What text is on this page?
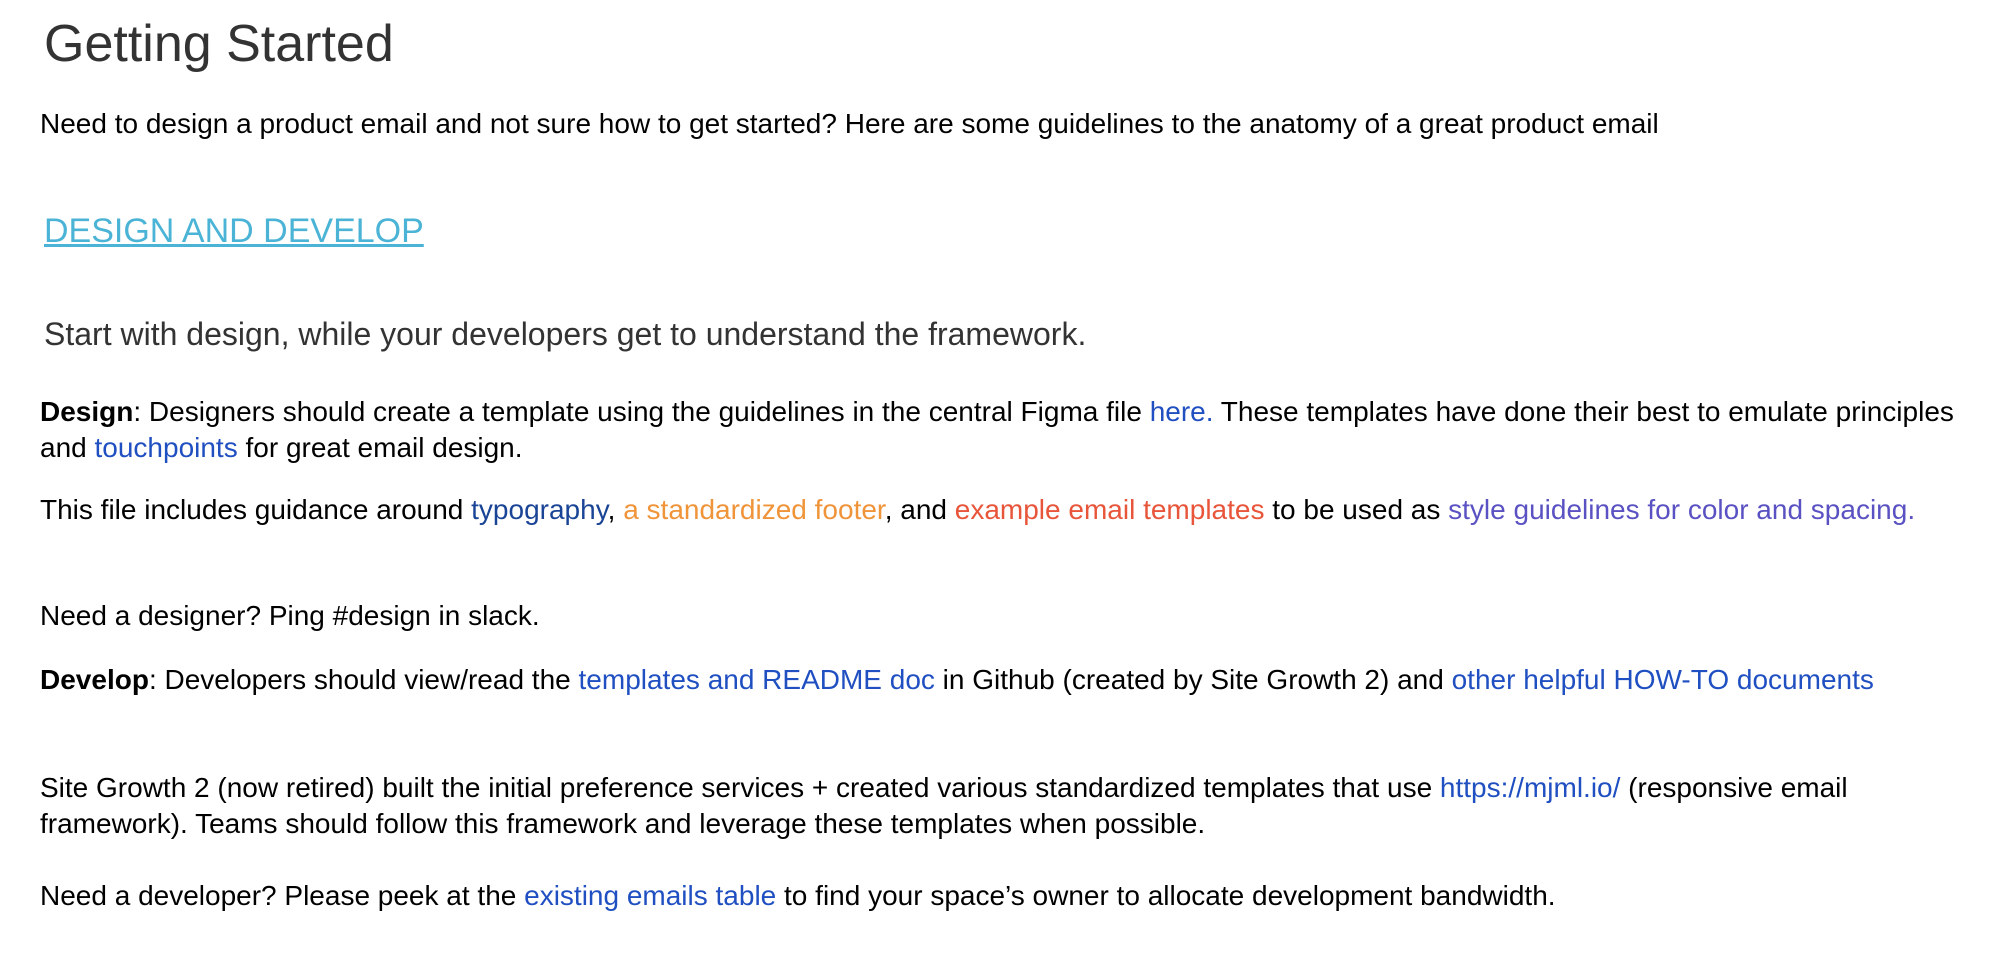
Getting Started

Need to design a product email and not sure how to get started? Here are some guidelines to the anatomy of a great product email

DESIGN AND DEVELOP

Start with design, while your developers get to understand the framework.

Design: Designers should create a template using the guidelines in the central Figma file here. These templates have done their best to emulate principles and touchpoints for great email design.

This file includes guidance around typography, a standardized footer, and example email templates to be used as style guidelines for color and spacing.

Need a designer? Ping #design in slack.

Develop: Developers should view/read the templates and README doc in Github (created by Site Growth 2) and other helpful HOW-TO documents

Site Growth 2 (now retired) built the initial preference services + created various standardized templates that use https://mjml.io/ (responsive email framework). Teams should follow this framework and leverage these templates when possible.

Need a developer? Please peek at the existing emails table to find your space’s owner to allocate development bandwidth.
